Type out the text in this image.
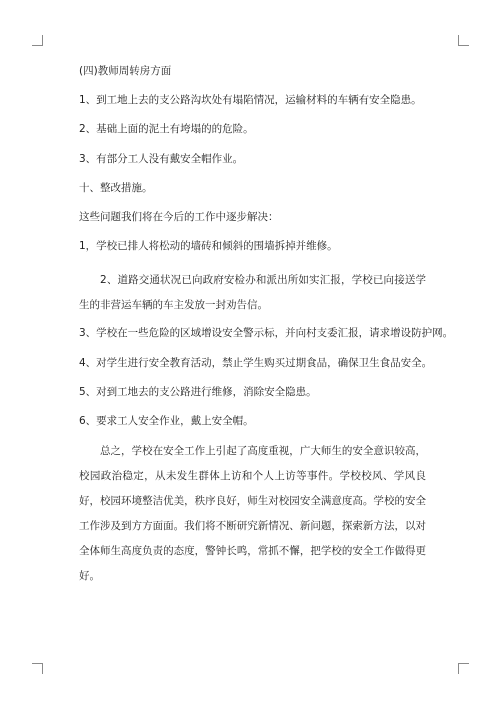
(四)教师周转房方面

1、到工地上去的支公路沟坎处有塌陷情况，运输材料的车辆有安全隐患。

2、基础上面的泥土有垮塌的的危险。

3、有部分工人没有戴安全帽作业。

十、整改措施。

这些问题我们将在今后的工作中逐步解决：

1，学校已排人将松动的墙砖和倾斜的围墙拆掉并维修。

2、道路交通状况已向政府安检办和派出所如实汇报，学校已向接送学生的非营运车辆的车主发放一封劝告信。

3、学校在一些危险的区域增设安全警示标，并向村支委汇报，请求增设防护网。

4、对学生进行安全教育活动，禁止学生购买过期食品，确保卫生食品安全。

5、对到工地去的支公路进行维修，消除安全隐患。

6、要求工人安全作业，戴上安全帽。

总之，学校在安全工作上引起了高度重视，广大师生的安全意识较高，校园政治稳定，从未发生群体上访和个人上访等事件。学校校风、学风良好，校园环境整洁优美，秩序良好，师生对校园安全满意度高。学校的安全工作涉及到方方面面。我们将不断研究新情况、新问题，探索新方法，以对全体师生高度负责的态度，警钟长鸣，常抓不懈，把学校的安全工作做得更好。
